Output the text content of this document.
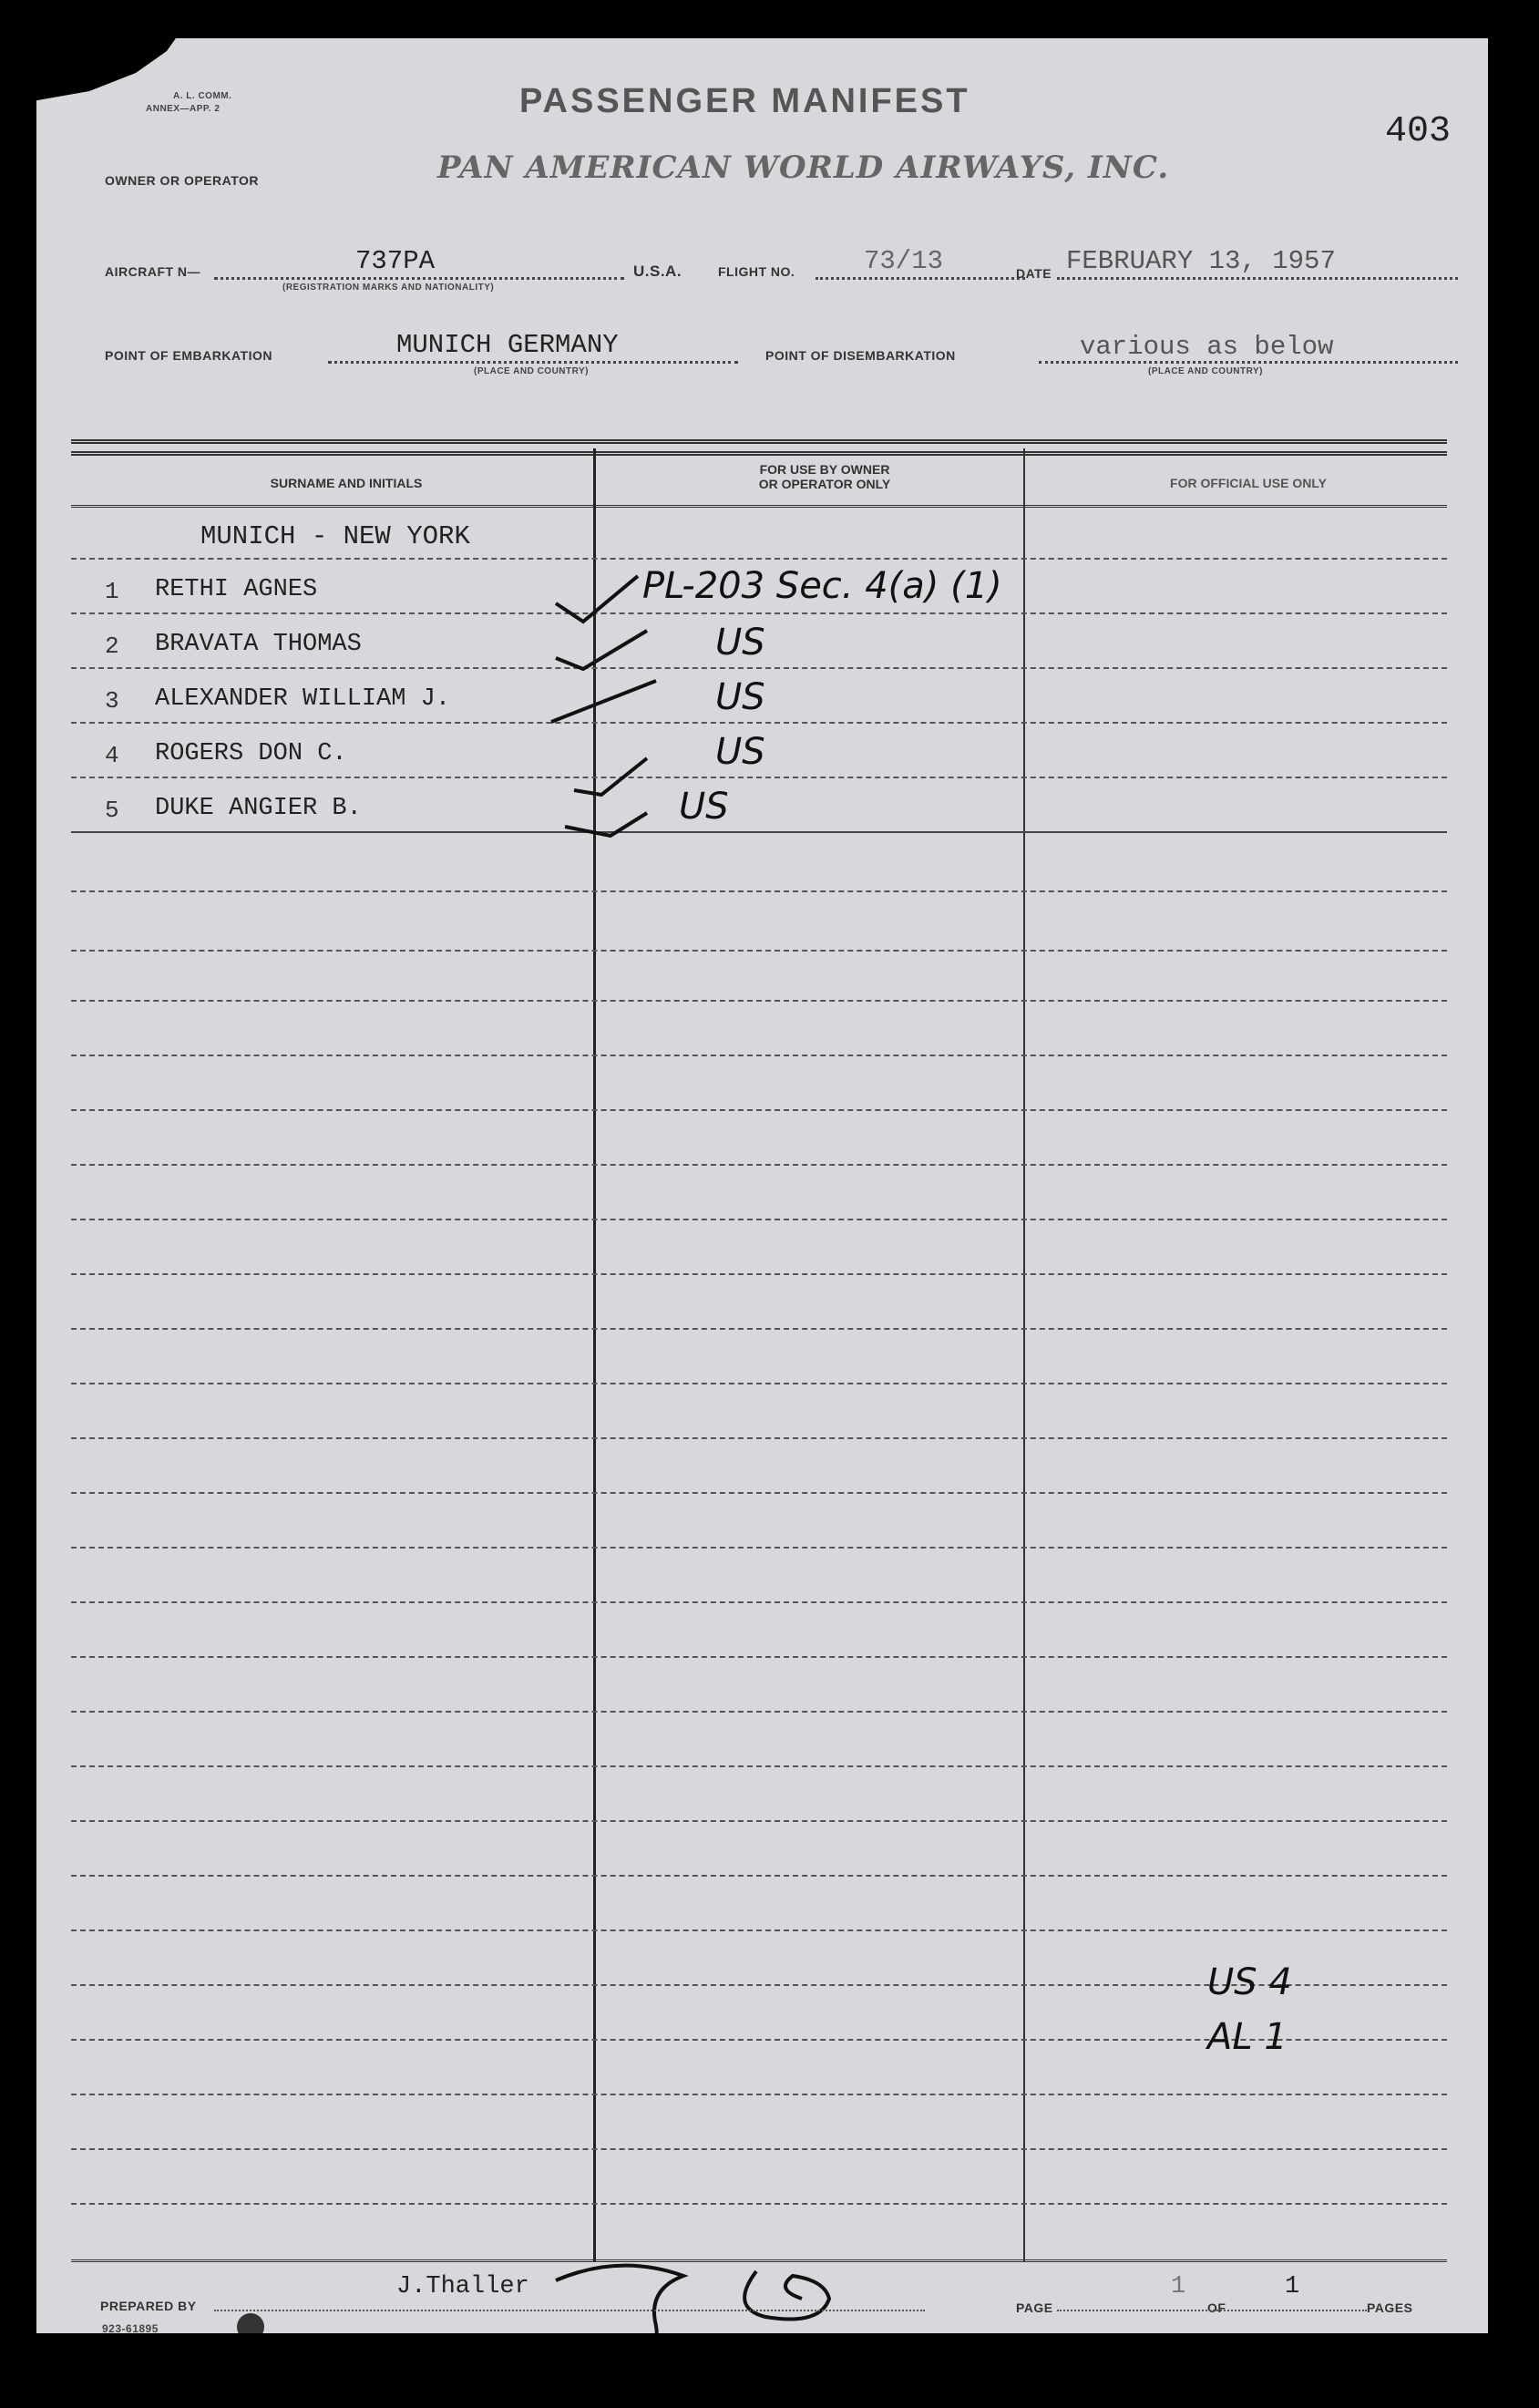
A. L. COMM.
ANNEX—APP. 2	PASSENGER MANIFEST
403
OWNER OR OPERATOR	PAN AMERICAN WORLD AIRWAYS, INC.
AIRCRAFT N—	737PA
(REGISTRATION MARKS AND NATIONALITY)
U.S.A.	FLIGHT NO.	73/13	DATE FEBRUARY 13, 1957
POINT OF EMBARKATION	MUNICH GERMANY
(PLACE AND COUNTRY)
POINT OF DISEMBARKATION	various as below
(PLACE AND COUNTRY)
SURNAME AND INITIALS
FOR USE BY OWNER
OR OPERATOR ONLY	FOR OFFICIAL USE ONLY
MUNICH - NEW YORK
1 RETHI AGNES	PL-203 Sec. 4(a) (1)
2 BRAVATA THOMAS	US
3 ALEXANDER WILLIAM J.	US
4 ROGERS DON C.	US
5 DUKE ANGIER B.	US
US 4
AL 1
PREPARED BY
J.Thaller
PAGE
1
OF
1
PAGES
923-61895
